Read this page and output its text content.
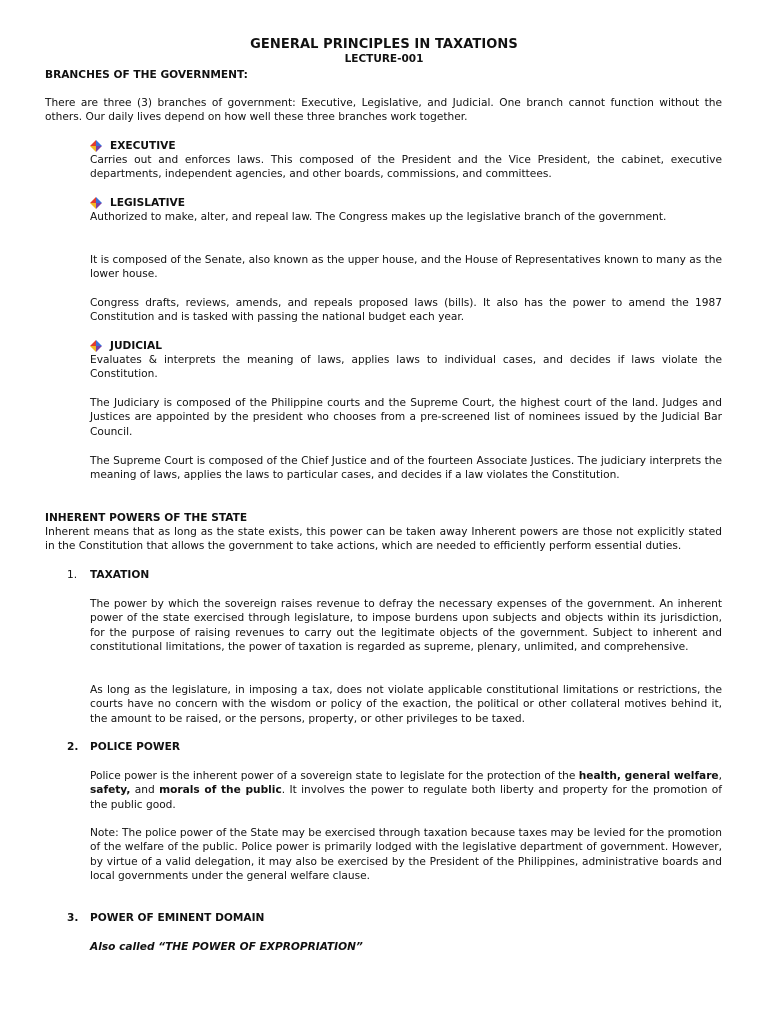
GENERAL PRINCIPLES IN TAXATIONS
LECTURE-001
BRANCHES OF THE GOVERNMENT:

There are three (3) branches of government: Executive, Legislative, and Judicial. One branch cannot function without the others. Our daily lives depend on how well these three branches work together.

EXECUTIVE

Carries out and enforces laws. This composed of the President and the Vice President, the cabinet, executive departments, independent agencies, and other boards, commissions, and committees.

LEGISLATIVE

Authorized to make, alter, and repeal law. The Congress makes up the legislative branch of the government.

It is composed of the Senate, also known as the upper house, and the House of Representatives known to many as the lower house.

Congress drafts, reviews, amends, and repeals proposed laws (bills). It also has the power to amend the 1987 Constitution and is tasked with passing the national budget each year.

JUDICIAL

Evaluates & interprets the meaning of laws, applies laws to individual cases, and decides if laws violate the Constitution.

The Judiciary is composed of the Philippine courts and the Supreme Court, the highest court of the land. Judges and Justices are appointed by the president who chooses from a pre-screened list of nominees issued by the Judicial Bar Council.

The Supreme Court is composed of the Chief Justice and of the fourteen Associate Justices. The judiciary interprets the meaning of laws, applies the laws to particular cases, and decides if a law violates the Constitution.

INHERENT POWERS OF THE STATE

Inherent means that as long as the state exists, this power can be taken away Inherent powers are those not explicitly stated in the Constitution that allows the government to take actions, which are needed to efficiently perform essential duties.

1. TAXATION

The power by which the sovereign raises revenue to defray the necessary expenses of the government. An inherent power of the state exercised through legislature, to impose burdens upon subjects and objects within its jurisdiction, for the purpose of raising revenues to carry out the legitimate objects of the government. Subject to inherent and constitutional limitations, the power of taxation is regarded as supreme, plenary, unlimited, and comprehensive.

As long as the legislature, in imposing a tax, does not violate applicable constitutional limitations or restrictions, the courts have no concern with the wisdom or policy of the exaction, the political or other collateral motives behind it, the amount to be raised, or the persons, property, or other privileges to be taxed.

2. POLICE POWER

Police power is the inherent power of a sovereign state to legislate for the protection of the health, general welfare, safety, and morals of the public. It involves the power to regulate both liberty and property for the promotion of the public good.

Note: The police power of the State may be exercised through taxation because taxes may be levied for the promotion of the welfare of the public. Police power is primarily lodged with the legislative department of government. However, by virtue of a valid delegation, it may also be exercised by the President of the Philippines, administrative boards and local governments under the general welfare clause.

3. POWER OF EMINENT DOMAIN
Also called “THE POWER OF EXPROPRIATION”
